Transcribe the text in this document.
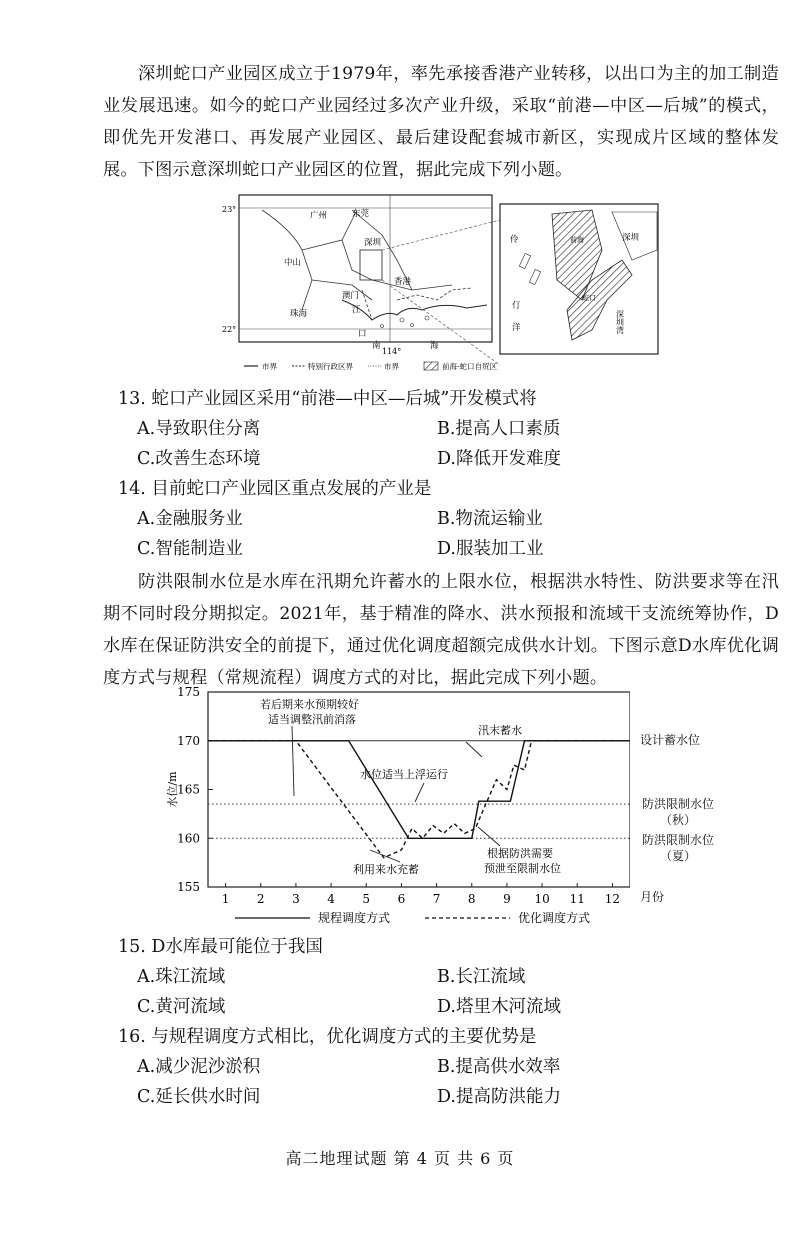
深圳蛇口产业园区成立于1979年，率先承接香港产业转移，以出口为主的加工制造业发展迅速。如今的蛇口产业园经过多次产业升级，采取“前港—中区—后城”的模式，即优先开发港口、再发展产业园区、最后建设配套城市新区，实现成片区域的整体发展。下图示意深圳蛇口产业园区的位置，据此完成下列小题。
23°
22°
114°
广州	东莞
深圳
中山
香港
澳门
珠海	江
口
南	海
伶
仃
洋
前海	深圳
蛇口
深圳湾
市界	特别行政区界	市界	前海-蛇口自贸区
13. 蛇口产业园区采用“前港—中区—后城”开发模式将
A.导致职住分离	B.提高人口素质
C.改善生态环境	D.降低开发难度
14. 目前蛇口产业园区重点发展的产业是
A.金融服务业	B.物流运输业
C.智能制造业	D.服装加工业
防洪限制水位是水库在汛期允许蓄水的上限水位，根据洪水特性、防洪要求等在汛期不同时段分期拟定。2021年，基于精准的降水、洪水预报和流域干支流统筹协作，D水库在保证防洪安全的前提下，通过优化调度超额完成供水计划。下图示意D水库优化调度方式与规程（常规流程）调度方式的对比，据此完成下列小题。
155
160
165
170
175
1 2 3 4 5 6 7 8 9 10 11 12
水位/m
若后期来水预期较好
适当调整汛前消落
汛末蓄水
水位适当上浮运行
根据防洪需要
预泄至限制水位
利用来水充蓄
规程调度方式	优化调度方式
设计蓄水位
防洪限制水位
（秋）
防洪限制水位
（夏）
月份
15. D水库最可能位于我国
A.珠江流域	B.长江流域
C.黄河流域	D.塔里木河流域
16. 与规程调度方式相比，优化调度方式的主要优势是
A.减少泥沙淤积	B.提高供水效率
C.延长供水时间	D.提高防洪能力
高二地理试题 第 4 页 共 6 页
